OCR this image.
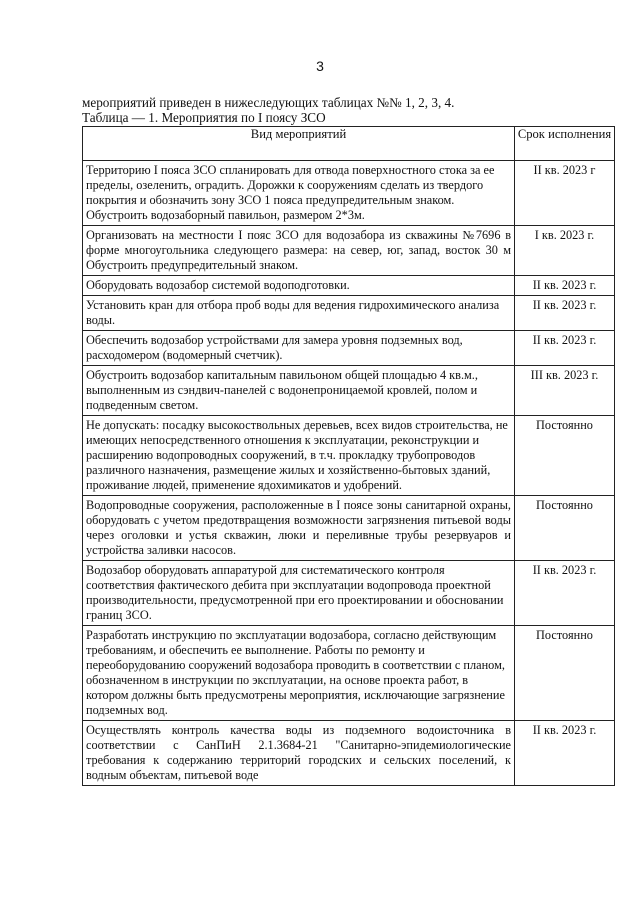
3
мероприятий приведен в нижеследующих таблицах №№ 1, 2, 3, 4.
Таблица — 1. Мероприятия по I поясу ЗСО
Вид мероприятий	Срок исполнения
Территорию I пояса ЗСО спланировать для отвода поверхностного стока за ее пределы, озеленить, оградить. Дорожки к сооружениям сделать из твердого покрытия и обозначить зону ЗСО 1 пояса предупредительным знаком. Обустроить водозаборный павильон, размером 2*3м.	II кв. 2023 г
Организовать на местности I пояс ЗСО для водозабора из скважины №7696 в форме многоугольника следующего размера: на север, юг, запад, восток 30 м Обустроить предупредительный знаком.	I кв. 2023 г.
Оборудовать водозабор системой водоподготовки.	II кв. 2023 г.
Установить кран для отбора проб воды для ведения гидрохимического анализа воды.	II кв. 2023 г.
Обеспечить водозабор устройствами для замера уровня подземных вод, расходомером (водомерный счетчик).	II кв. 2023 г.
Обустроить водозабор капитальным павильоном общей площадью 4 кв.м., выполненным из сэндвич-панелей с водонепроницаемой кровлей, полом и подведенным светом.	III кв. 2023 г.
Не допускать: посадку высокоствольных деревьев, всех видов строительства, не имеющих непосредственного отношения к эксплуатации, реконструкции и расширению водопроводных сооружений, в т.ч. прокладку трубопроводов различного назначения, размещение жилых и хозяйственно-бытовых зданий, проживание людей, применение ядохимикатов и удобрений.	Постоянно
Водопроводные сооружения, расположенные в I поясе зоны санитарной охраны, оборудовать с учетом предотвращения возможности загрязнения питьевой воды через оголовки и устья скважин, люки и переливные трубы резервуаров и устройства заливки насосов.	Постоянно
Водозабор оборудовать аппаратурой для систематического контроля соответствия фактического дебита при эксплуатации водопровода проектной производительности, предусмотренной при его проектировании и обосновании границ ЗСО.	II кв. 2023 г.
Разработать инструкцию по эксплуатации водозабора, согласно действующим требованиям, и обеспечить ее выполнение. Работы по ремонту и переоборудованию сооружений водозабора проводить в соответствии с планом, обозначенном в инструкции по эксплуатации, на основе проекта работ, в котором должны быть предусмотрены мероприятия, исключающие загрязнение подземных вод.	Постоянно
Осуществлять контроль качества воды из подземного водоисточника в соответствии с СанПиН 2.1.3684-21 "Санитарно-эпидемиологические требования к содержанию территорий городских и сельских поселений, к водным объектам, питьевой воде	II кв. 2023 г.
